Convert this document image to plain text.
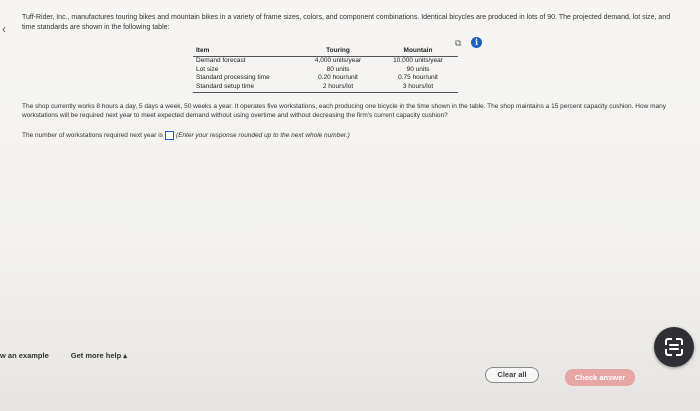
‹
Tuff-Rider, Inc., manufactures touring bikes and mountain bikes in a variety of frame sizes, colors, and component combinations. Identical bicycles are produced in lots of 90. The projected demand, lot size, and time standards are shown in the following table:
⧉	i
Item	Touring	Mountain
Demand forecast	4,000 units/year	10,000 units/year
Lot size	80 units	90 units
Standard processing time	0.20 hour/unit	0.75 hour/unit
Standard setup time	2 hours/lot	3 hours/lot
The shop currently works 8 hours a day, 5 days a week, 50 weeks a year. It operates five workstations, each producing one bicycle in the time shown in the table. The shop maintains a 15 percent capacity cushion. How many workstations will be required next year to meet expected demand without using overtime and without decreasing the firm's current capacity cushion?
The number of workstations required next year is (Enter your response rounded up to the next whole number.)
w an example	Get more help ▴
Clear all	Check answer
